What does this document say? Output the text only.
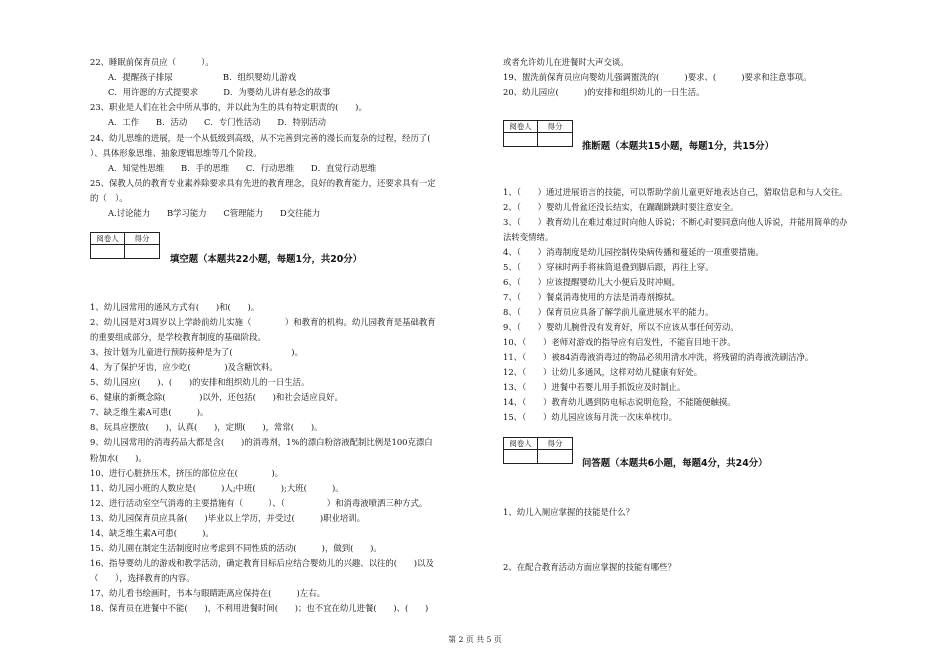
阅卷人	得分
填空题（本题共22小题，每题1分，共20分）
阅卷人	得分
推断题（本题共15小题，每题1分，共15分）
阅卷人	得分
问答题（本题共6小题，每题4分，共24分）
第 2 页 共 5 页
22、睡眠前保育员应（　　　）。
A．提醒孩子排尿　　　　　　B．组织婴幼儿游戏
C．用许愿的方式提要求　　　D．为婴幼儿讲有悬念的故事
23、职业是人们在社会中所从事的，并以此为生的具有特定职责的(　　)。
A．工作　　B．活动　　C．专门性活动　　D．特别活动
24、幼儿思维的进展，是一个从低级到高级，从不完善到完善的漫长而复杂的过程，经历了(
）、具体形象思维、抽象逻辑思维等几个阶段。
A．知觉性思维　　B．手的思维　　C．行动思维　　D．直觉行动思维
25、保教人员的教育专业素养除要求具有先进的教育理念，良好的教育能力，还要求具有一定
的（　）。
A.讨论能力　　B学习能力　　C管理能力　　D交往能力
1、幼儿园常用的通风方式有(　　)和(　　)。
2、幼儿园是对3周岁以上学龄前幼儿实施（　　　　）和教育的机构。幼儿园教育是基础教育
的重要组成部分，是学校教育制度的基础阶段。
3、按计划为儿童进行预防接种是为了(　　　　　　　)。
4、为了保护牙齿，应少吃(　　　　)及含糖饮料。
5、幼儿园应(　　)、(　　)的安排和组织幼儿的一日生活。
6、健康的新概念除(　　　　)以外，还包括(　　)和社会适应良好。
7、缺乏维生素A可患(　　　)。
8、玩具应摆放(　　)，认真(　　)，定期(　　)，常常(　　)。
9、幼儿园常用的消毒药品大都是含(　　)的消毒剂，1%的漂白粉溶液配制比例是100克漂白
粉加水(　　)。
10、进行心脏挤压术，挤压的部位应在(　　　　)。
11、幼儿园小班的人数应是(　　　)人;中班(　　　);大班(　　　)。
12、进行活动室空气消毒的主要措施有（　　　）、（　　　　　）和消毒液喷洒三种方式。
13、幼儿园保育员应具备(　　)毕业以上学历，并受过(　　　)职业培训。
14、缺乏维生素A可患(　　　)。
15、幼儿園在制定生活制度时应考虑到不同性质的活动(　　　)，做到(　　)。
16、指导婴幼儿的游戏和教学活动，确定教育目标后应结合婴幼儿的兴趣、以往的(　　)以及
（　　），选择教育的内容。
17、幼儿看书绘画时，书本与眼睛距离应保持在(　　　)左右。
18、保育员在进餐中不能(　　)，不利用进餐时间(　　)；也不宜在幼儿进餐(　　)、(　　)
或者允许幼儿在进餐时大声交谈。
19、盥洗前保育员应向婴幼儿强调盥洗的(　　　)要求、(　　　)要求和注意事项。
20、幼儿园应(　　　)的安排和组织幼儿的一日生活。
1、（　　）通过进展语言的技能，可以帮助学前儿童更好地表达自己，猎取信息和与人交往。
2、（　　）婴幼儿骨盆还没长结实，在蹦蹦跳跳时要注意安全。
3、（　　）教育幼儿在难过难过时向他人诉说；不断心时要同意向他人诉说，并能用简单的办
法转变情绪。
4、（　　）消毒制度是幼儿园控制传染病传播和蔓延的一项重要措施。
5、（　　）穿袜时两手将袜筒退叠到脚后跟，再往上穿。
6、（　　）应该提醒婴幼儿大小便后及时冲厕。
7、（　　）餐桌消毒使用的方法是消毒剂擦拭。
8、（　　）保育员应具备了解学前儿童进展水平的能力。
9、（　　）婴幼儿腕骨没有发育好，所以不应该从事任何劳动。
10、（　　）老师对游戏的指导应有启发性，不能盲目地干涉。
11、（　　）被84消毒液消毒过的物品必须用清水冲洗，将残留的消毒液洗刷洁净。
12、（　　）让幼儿多通风，这样对幼儿健康有好处。
13、（　　）进餐中若婴儿用手抓饭应及时制止。
14、（　　）教育幼儿遇到防电标志说明危险，不能随便触摸。
15、（　　）幼儿园应该每月洗一次床单枕巾。
1、幼儿入厕应掌握的技能是什么？
2、在配合教育活动方面应掌握的技能有哪些？
